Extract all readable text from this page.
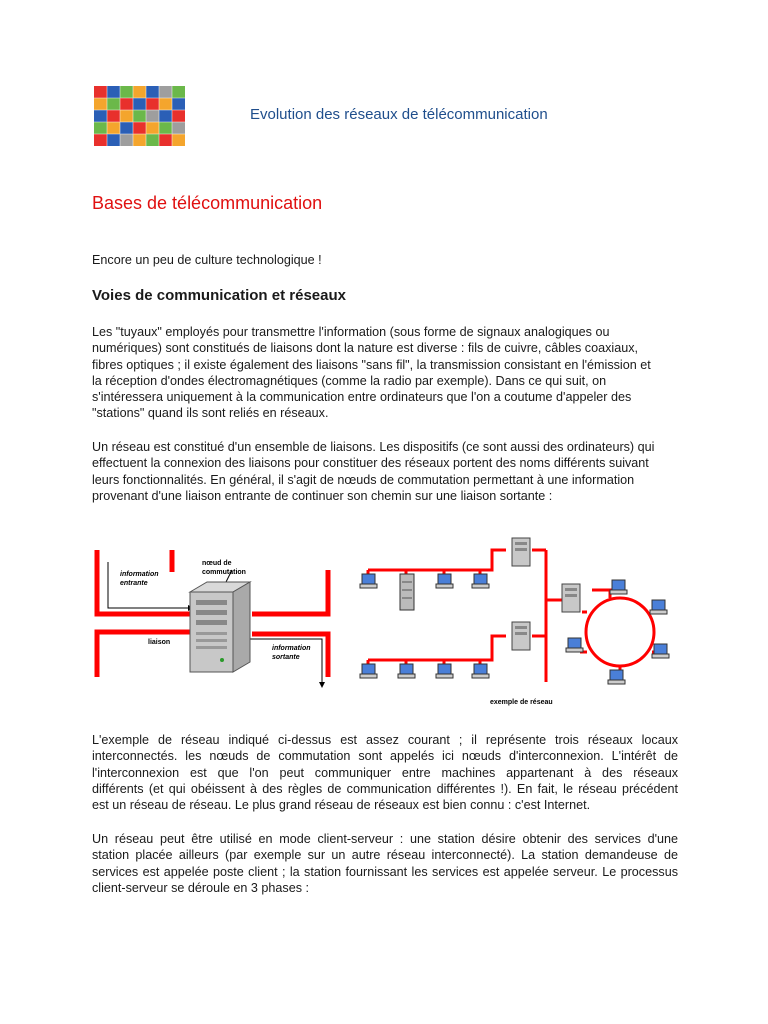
Evolution des réseaux de télécommunication
Bases de télécommunication
Encore un peu de culture technologique !
Voies de communication et réseaux
Les "tuyaux" employés pour transmettre l'information (sous forme de signaux analogiques ou
numériques) sont constitués de liaisons dont la nature est diverse : fils de cuivre, câbles coaxiaux,
fibres optiques ; il existe également des liaisons "sans fil", la transmission consistant en l'émission et
la réception d'ondes électromagnétiques (comme la radio par exemple). Dans ce qui suit, on
s'intéressera uniquement à la communication entre ordinateurs que l'on a coutume d'appeler des
"stations" quand ils sont reliés en réseaux.
Un réseau est constitué d'un ensemble de liaisons. Les dispositifs (ce sont aussi des ordinateurs) qui
effectuent la connexion des liaisons pour constituer des réseaux portent des noms différents suivant
leurs fonctionnalités. En général, il s'agit de nœuds de commutation permettant à une information
provenant d'une liaison entrante de continuer son chemin sur une liaison sortante :
information
entrante
nœud de
commutation
liaison
information
sortante
exemple de réseau
L'exemple de réseau indiqué ci-dessus est assez courant ; il représente trois réseaux locaux
interconnectés. les nœuds de commutation sont appelés ici nœuds d'interconnexion. L'intérêt de
l'interconnexion est que l'on peut communiquer entre machines appartenant à des réseaux
différents (et qui obéissent à des règles de communication différentes !). En fait, le réseau précédent
est un réseau de réseau. Le plus grand réseau de réseaux est bien connu : c'est Internet.
Un réseau peut être utilisé en mode client-serveur : une station désire obtenir des services d'une
station placée ailleurs (par exemple sur un autre réseau interconnecté). La station demandeuse de
services est appelée poste client ; la station fournissant les services est appelée serveur. Le processus
client-serveur se déroule en 3 phases :
